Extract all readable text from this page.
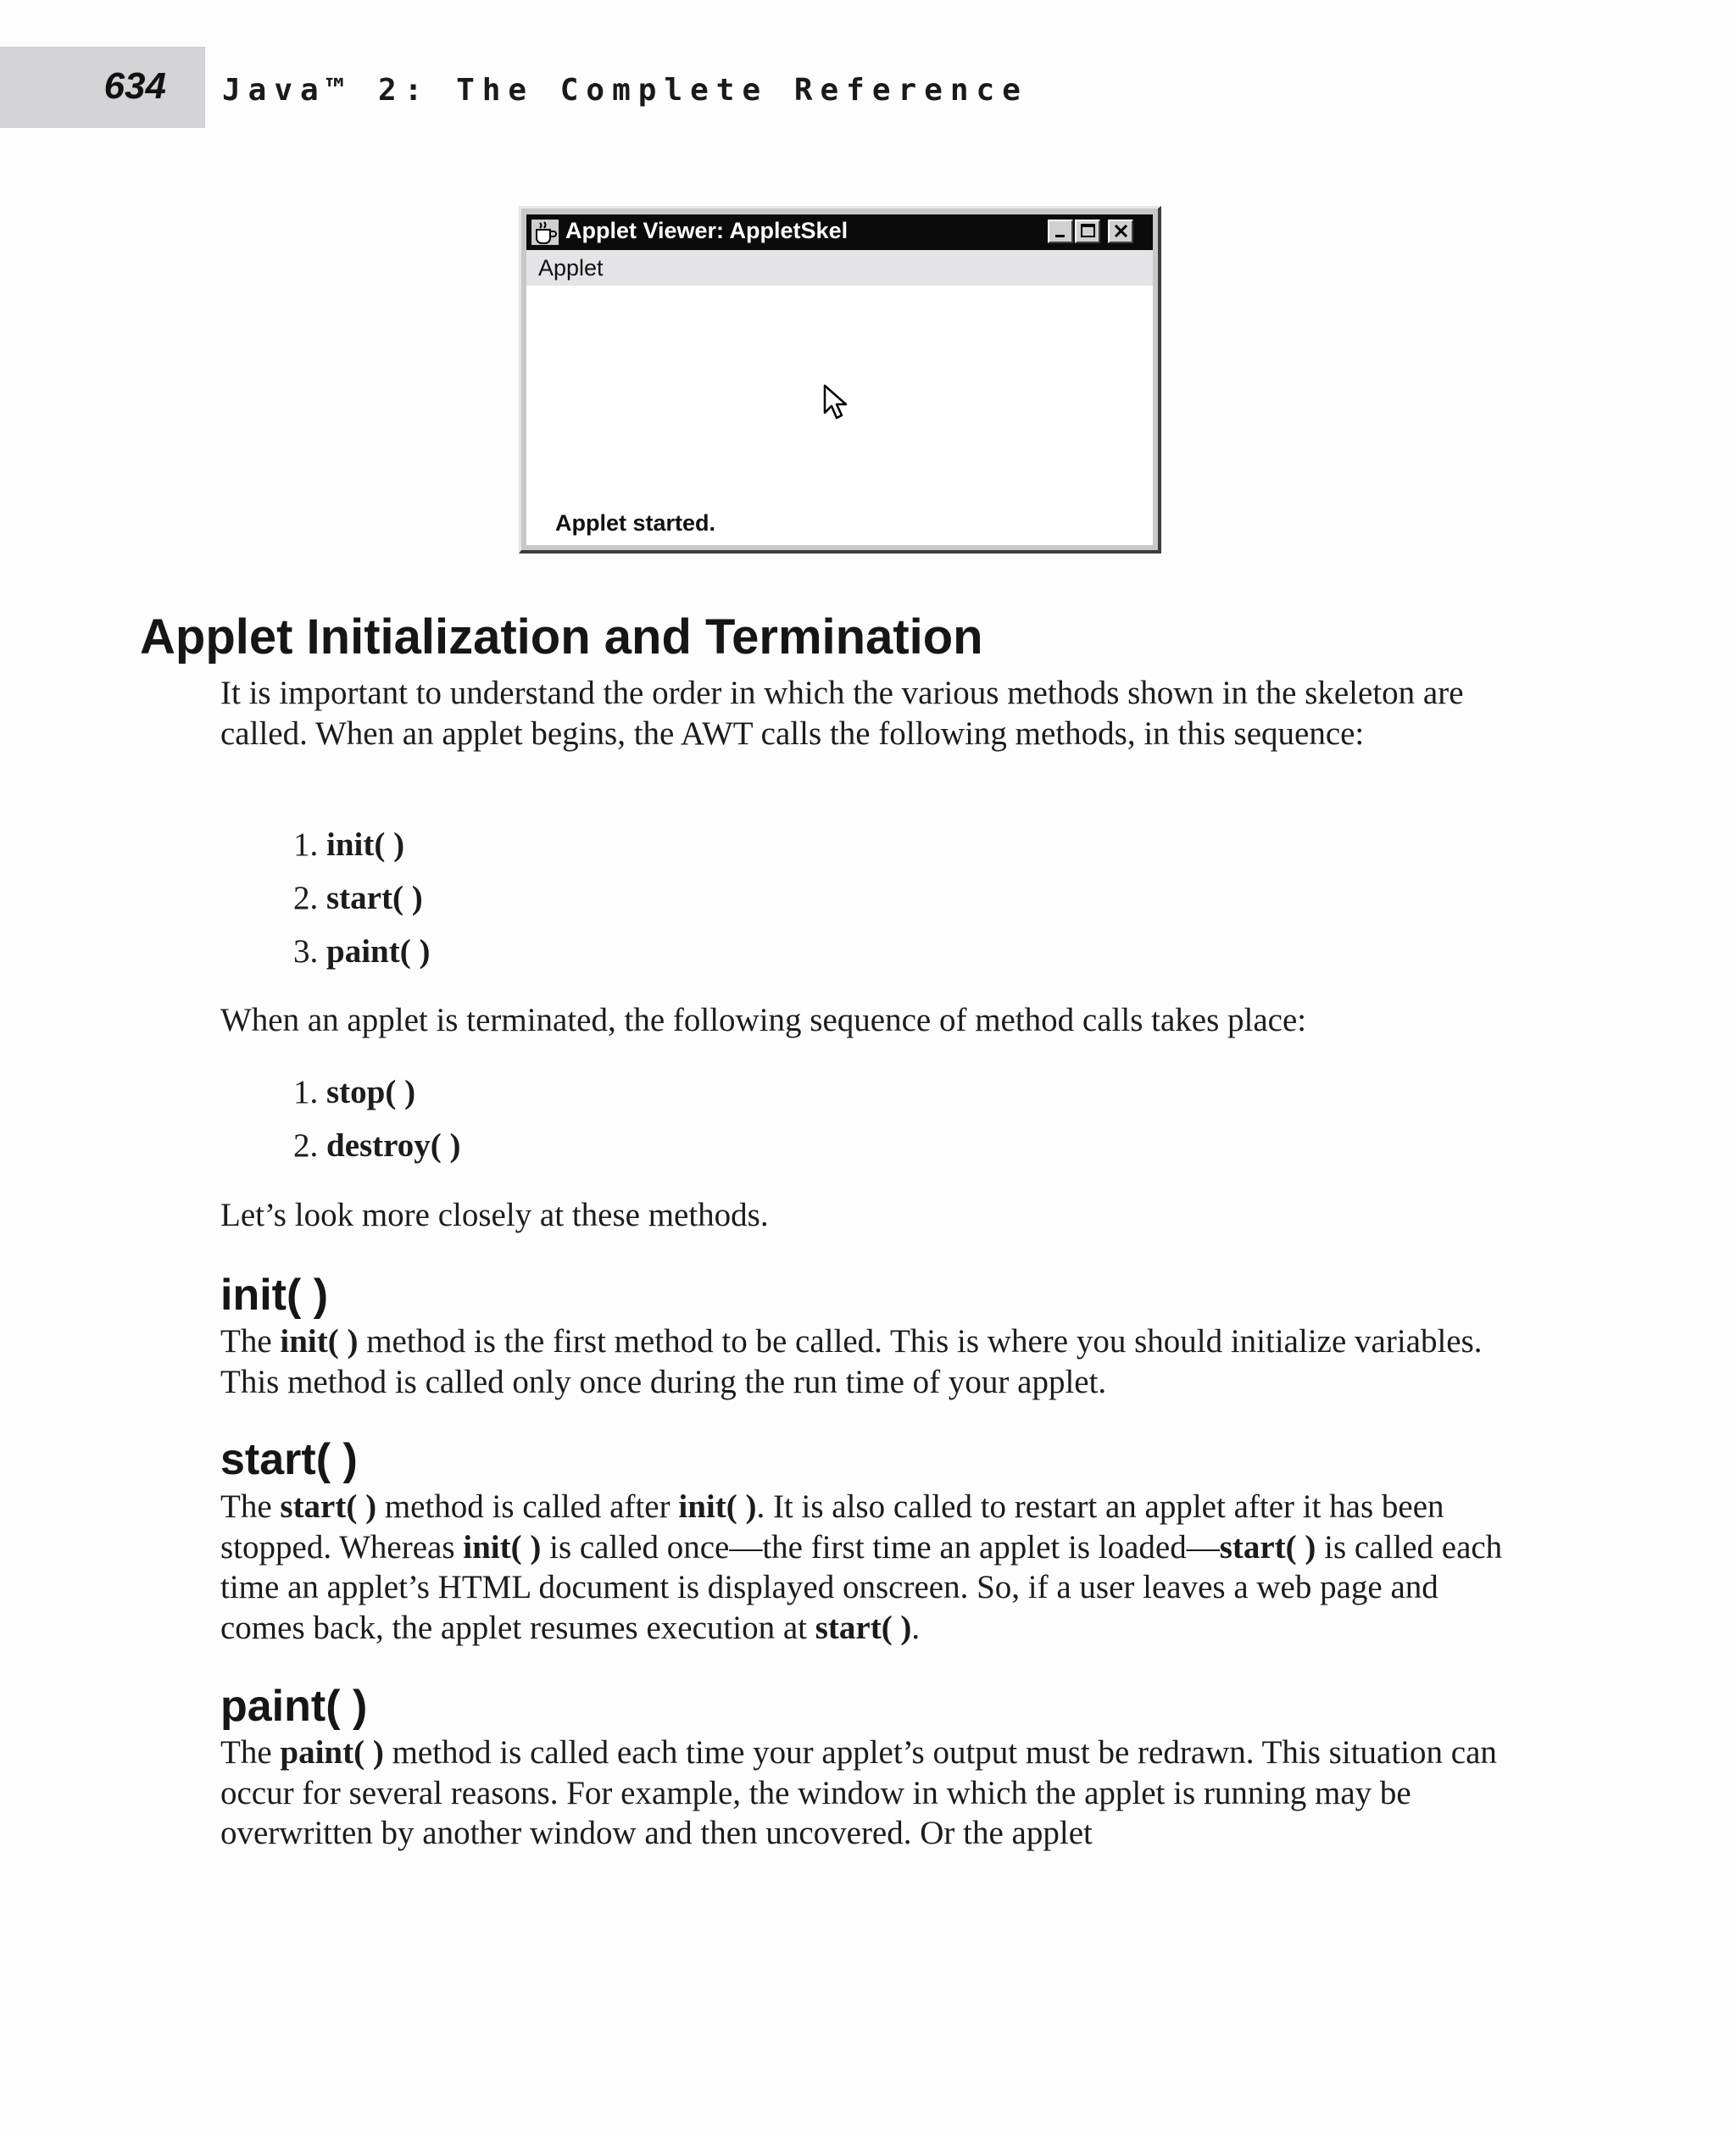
634 Java™ 2: The Complete Reference
Applet Viewer: AppletSkel
Applet
Applet started.
Applet Initialization and Termination

It is important to understand the order in which the various methods shown in the skeleton are called. When an applet begins, the AWT calls the following methods, in this sequence:

1. init( )
2. start( )
3. paint( )

When an applet is terminated, the following sequence of method calls takes place:

1. stop( )
2. destroy( )

Let’s look more closely at these methods.

init( )

The init( ) method is the first method to be called. This is where you should initialize variables. This method is called only once during the run time of your applet.

start( )

The start( ) method is called after init( ). It is also called to restart an applet after it has been stopped. Whereas init( ) is called once—the first time an applet is loaded—start( ) is called each time an applet’s HTML document is displayed onscreen. So, if a user leaves a web page and comes back, the applet resumes execution at start( ).

paint( )

The paint( ) method is called each time your applet’s output must be redrawn. This situation can occur for several reasons. For example, the window in which the applet is running may be overwritten by another window and then uncovered. Or the applet
